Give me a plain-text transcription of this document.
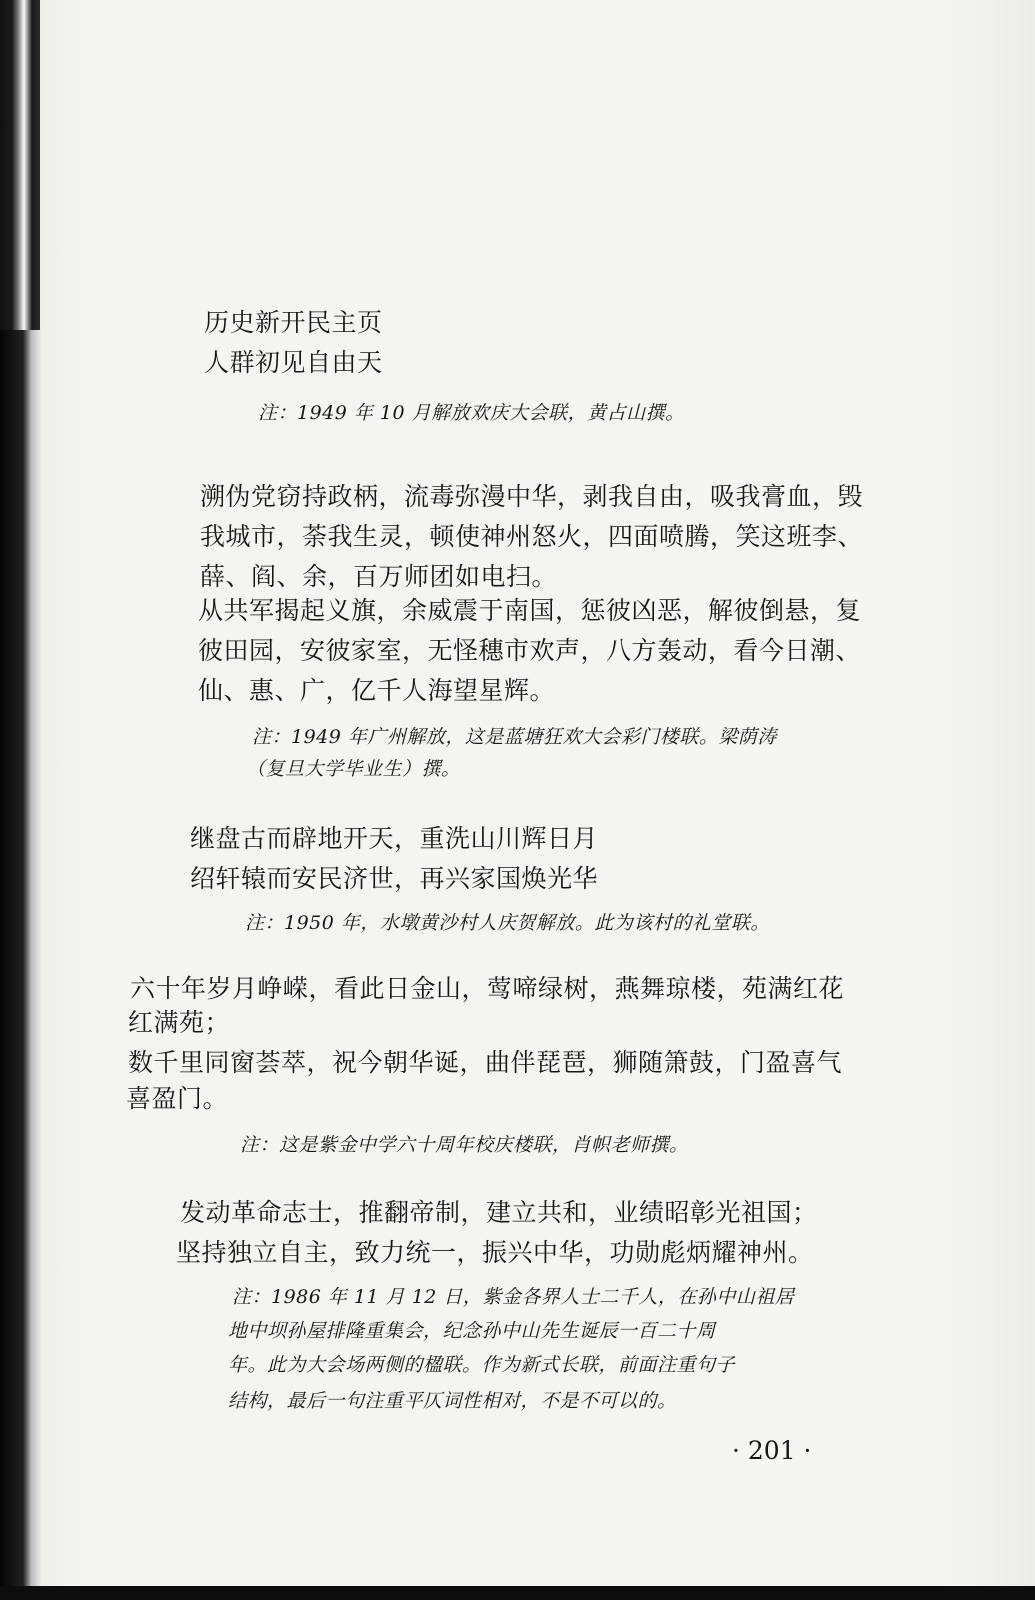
历史新开民主页

人群初见自由天

注：1949 年 10 月解放欢庆大会联，黄占山撰。

溯伪党窃持政柄，流毒弥漫中华，剥我自由，吸我膏血，毁

我城市，荼我生灵，顿使神州怒火，四面喷腾，笑这班李、

薛、阎、余，百万师团如电扫。

从共军揭起义旗，余威震于南国，惩彼凶恶，解彼倒悬，复

彼田园，安彼家室，无怪穗市欢声，八方轰动，看今日潮、

仙、惠、广，亿千人海望星辉。

注：1949 年广州解放，这是蓝塘狂欢大会彩门楼联。梁荫涛

（复旦大学毕业生）撰。

继盘古而辟地开天，重洗山川辉日月

绍轩辕而安民济世，再兴家国焕光华

注：1950 年，水墩黄沙村人庆贺解放。此为该村的礼堂联。

六十年岁月峥嵘，看此日金山，莺啼绿树，燕舞琼楼，苑满红花

红满苑；

数千里同窗荟萃，祝今朝华诞，曲伴琵琶，狮随箫鼓，门盈喜气

喜盈门。

注：这是紫金中学六十周年校庆楼联，肖帜老师撰。

发动革命志士，推翻帝制，建立共和，业绩昭彰光祖国；

坚持独立自主，致力统一，振兴中华，功勋彪炳耀神州。

注：1986 年 11 月 12 日，紫金各界人士二千人，在孙中山祖居

地中坝孙屋排隆重集会，纪念孙中山先生诞辰一百二十周

年。此为大会场两侧的楹联。作为新式长联，前面注重句子

结构，最后一句注重平仄词性相对，不是不可以的。

· 201 ·
